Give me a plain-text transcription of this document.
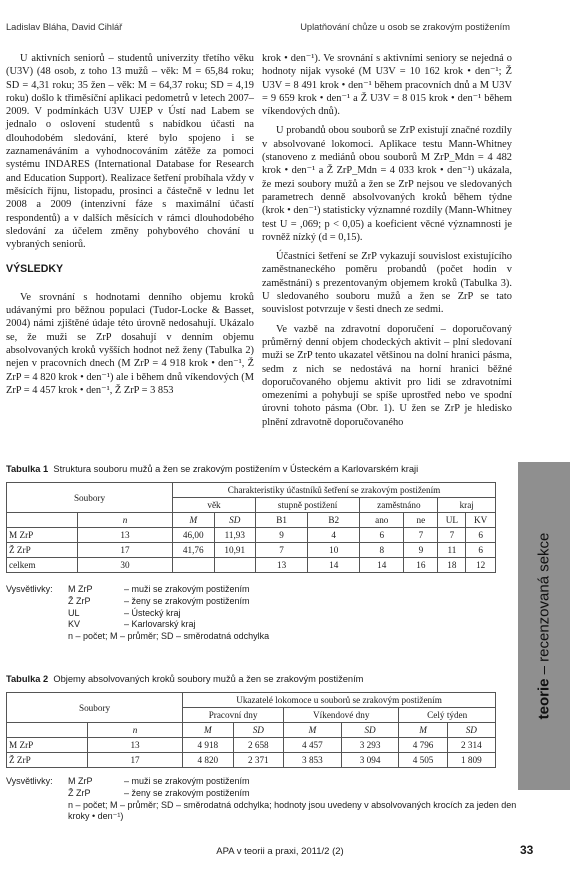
Ladislav Bláha, David Cihlář	Uplatňování chůze u osob se zrakovým postižením

U aktivních seniorů – studentů univerzity třetího věku (U3V) (48 osob, z toho 13 mužů – věk: M = 65,84 roku; SD = 4,31 roku; 35 žen – věk: M = 64,37 roku; SD = 4,19 roku) došlo k třiměsíční aplikaci pedometrů v letech 2007–2009. V podmínkách U3V UJEP v Ústí nad Labem se jednalo o oslovení studentů s nabídkou účasti na dlouhodobém sledování, které bylo spojeno i se zaznamenáváním a vyhodnocováním zátěže za pomoci systému INDARES (International Database for Research and Education Support). Realizace šetření probíhala vždy v měsících říjnu, listopadu, prosinci a částečně v lednu let 2008 a 2009 (intenzivní fáze s maximální účastí respondentů) a v dalších měsících v rámci dlouhodobého sledování za účelem změny pohybového chování u vybraných seniorů.

VÝSLEDKY

Ve srovnání s hodnotami denního objemu kroků udávanými pro běžnou populaci (Tudor-Locke & Basset, 2004) námi zjištěné údaje této úrovně nedosahují. Ukázalo se, že muži se ZrP dosahují v denním objemu absolvovaných kroků vyšších hodnot než ženy (Tabulka 2) nejen v pracovních dnech (M ZrP = 4 918 krok • den⁻¹, Ž ZrP = 4 820 krok • den⁻¹) ale i během dnů víkendových (M ZrP = 4 457 krok • den⁻¹, Ž ZrP = 3 853

krok • den⁻¹). Ve srovnání s aktivními seniory se nejedná o hodnoty nijak vysoké (M U3V = 10 162 krok • den⁻¹; Ž U3V = 8 491 krok • den⁻¹ během pracovních dnů a M U3V = 9 659 krok • den⁻¹ a Ž U3V = 8 015 krok • den⁻¹ během víkendových dnů).

U probandů obou souborů se ZrP existují značné rozdíly v absolvované lokomoci. Aplikace testu Mann-Whitney (stanoveno z mediánů obou souborů M ZrP_Mdn = 4 482 krok • den⁻¹ a Ž ZrP_Mdn = 4 033 krok • den⁻¹) ukázala, že mezi soubory mužů a žen se ZrP nejsou ve sledovaných parametrech denně absolvovaných kroků během týdne (krok • den⁻¹) statisticky významné rozdíly (Mann-Whitney test U = ,069; p < 0,05) a koeficient věcné významnosti je rovněž nízký (d = 0,15).

Účastníci šetření se ZrP vykazují souvislost existujícího zaměstnaneckého poměru probandů (počet hodin v zaměstnání) s prezentovaným objemem kroků (Tabulka 3). U sledovaného souboru mužů a žen se ZrP se tato souvislost potvrzuje v šesti dnech ze sedmi.

Ve vazbě na zdravotní doporučení – doporučovaný průměrný denní objem chodeckých aktivit – plní sledovaní muži se ZrP tento ukazatel většinou na dolní hranici pásma, sedm z nich se nedostává na horní hranici běžné doporučovaného objemu aktivit pro lidi se zdravotními omezeními a pohybují se spíše uprostřed nebo ve spodní úrovni tohoto pásma (Obr. 1). U žen se ZrP je hledisko plnění zdravotně doporučovaného

Tabulka 1 Struktura souboru mužů a žen se zrakovým postižením v Ústeckém a Karlovarském kraji
Soubory		Charakteristiky účastníků šetření se zrakovým postižením							
		věk		stupně postižení		zaměstnáno		kraj	
	n	M	SD	B1	B2	ano	ne	UL	KV
M ZrP	13	46,00	11,93	9	4	6	7	7	6
Ž ZrP	17	41,76	10,91	7	10	8	9	11	6
celkem	30			13	14	14	16	18	12
Vysvětlivky: M ZrP	– muži se zrakovým postižením
Ž ZrP	– ženy se zrakovým postižením
UL	– Ústecký kraj
KV	– Karlovarský kraj
n – počet; M – průměr; SD – směrodatná odchylka
Tabulka 2 Objemy absolvovaných kroků soubory mužů a žen se zrakovým postižením
Soubory		Ukazatelé lokomoce u souborů se zrakovým postižením					
		Pracovní dny		Víkendové dny		Celý týden	
	n	M	SD	M	SD	M	SD
M ZrP	13	4 918	2 658	4 457	3 293	4 796	2 314
Ž ZrP	17	4 820	2 371	3 853	3 094	4 505	1 809
Vysvětlivky: M ZrP	– muži se zrakovým postižením
Ž ZrP	– ženy se zrakovým postižením
n – počet; M – průměr; SD – směrodatná odchylka; hodnoty jsou uvedeny v absolvovaných krocích za jeden den
kroky • den⁻¹)
teorie – recenzovaná sekce
APA v teorii a praxi, 2011/2 (2)	33
